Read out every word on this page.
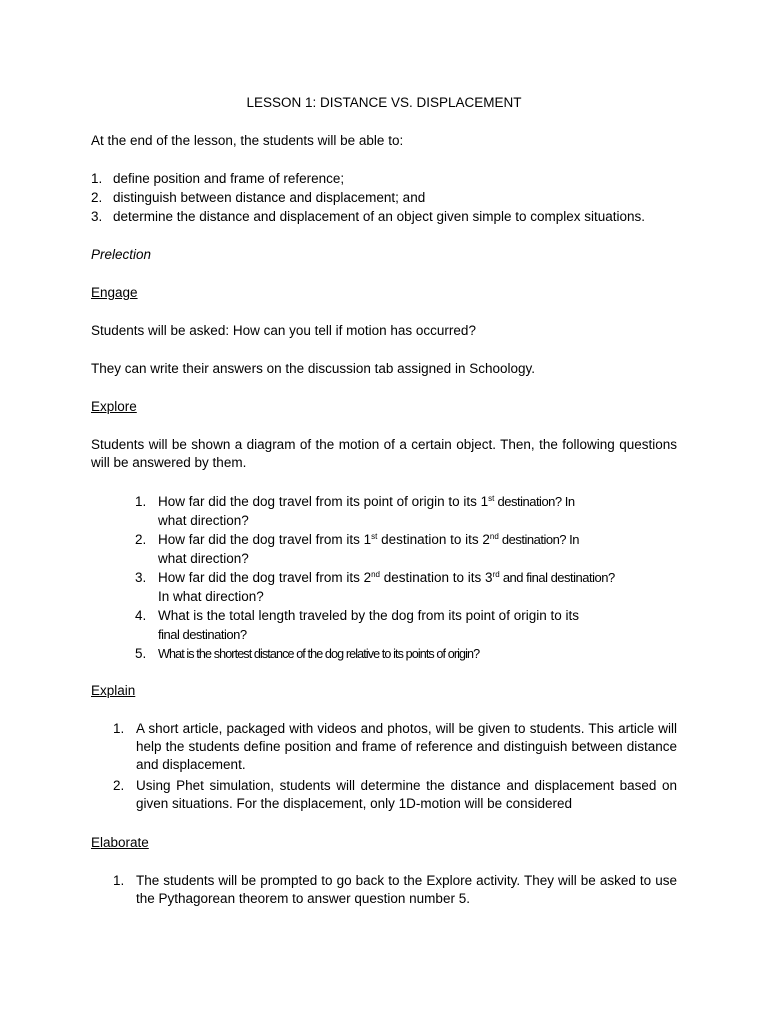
LESSON 1: DISTANCE VS. DISPLACEMENT
At the end of the lesson, the students will be able to:
1. define position and frame of reference;
2. distinguish between distance and displacement; and
3. determine the distance and displacement of an object given simple to complex situations.
Prelection
Engage
Students will be asked: How can you tell if motion has occurred?
They can write their answers on the discussion tab assigned in Schoology.
Explore
Students will be shown a diagram of the motion of a certain object. Then, the following questions will be answered by them.
1. How far did the dog travel from its point of origin to its 1st destination? In
what direction?
2. How far did the dog travel from its 1st destination to its 2nd destination? In
what direction?
3. How far did the dog travel from its 2nd destination to its 3rd and final destination?
In what direction?
4. What is the total length traveled by the dog from its point of origin to its
final destination?
5. What is the shortest distance of the dog relative to its points of origin?
Explain
1. A short article, packaged with videos and photos, will be given to students. This article will help the students define position and frame of reference and distinguish between distance and displacement.
2. Using Phet simulation, students will determine the distance and displacement based on given situations. For the displacement, only 1D-motion will be considered
Elaborate
1. The students will be prompted to go back to the Explore activity. They will be asked to use the Pythagorean theorem to answer question number 5.
